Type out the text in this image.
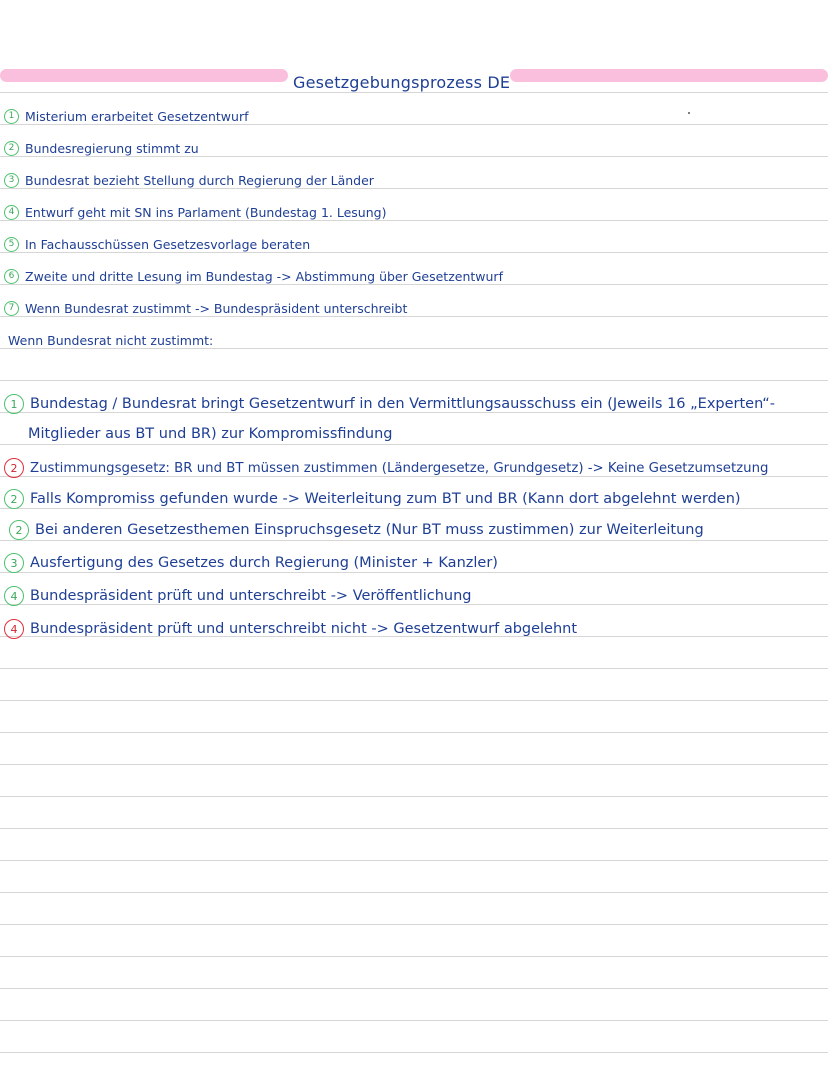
Gesetzgebungsprozess DE
1 Misterium erarbeitet Gesetzentwurf
2 Bundesregierung stimmt zu
3 Bundesrat bezieht Stellung durch Regierung der Länder
4 Entwurf geht mit SN ins Parlament (Bundestag 1. Lesung)
5 In Fachausschüssen Gesetzesvorlage beraten
6 Zweite und dritte Lesung im Bundestag -> Abstimmung über Gesetzentwurf
7 Wenn Bundesrat zustimmt -> Bundespräsident unterschreibt
Wenn Bundesrat nicht zustimmt:
1 Bundestag / Bundesrat bringt Gesetzentwurf in den Vermittlungsausschuss ein (Jeweils 16 „Experten“-
Mitglieder aus BT und BR) zur Kompromissfindung
2 Zustimmungsgesetz: BR und BT müssen zustimmen (Ländergesetze, Grundgesetz) -> Keine Gesetzumsetzung
2 Falls Kompromiss gefunden wurde -> Weiterleitung zum BT und BR (Kann dort abgelehnt werden)
2 Bei anderen Gesetzesthemen Einspruchsgesetz (Nur BT muss zustimmen) zur Weiterleitung
3 Ausfertigung des Gesetzes durch Regierung (Minister + Kanzler)
4 Bundespräsident prüft und unterschreibt -> Veröffentlichung
4 Bundespräsident prüft und unterschreibt nicht -> Gesetzentwurf abgelehnt
